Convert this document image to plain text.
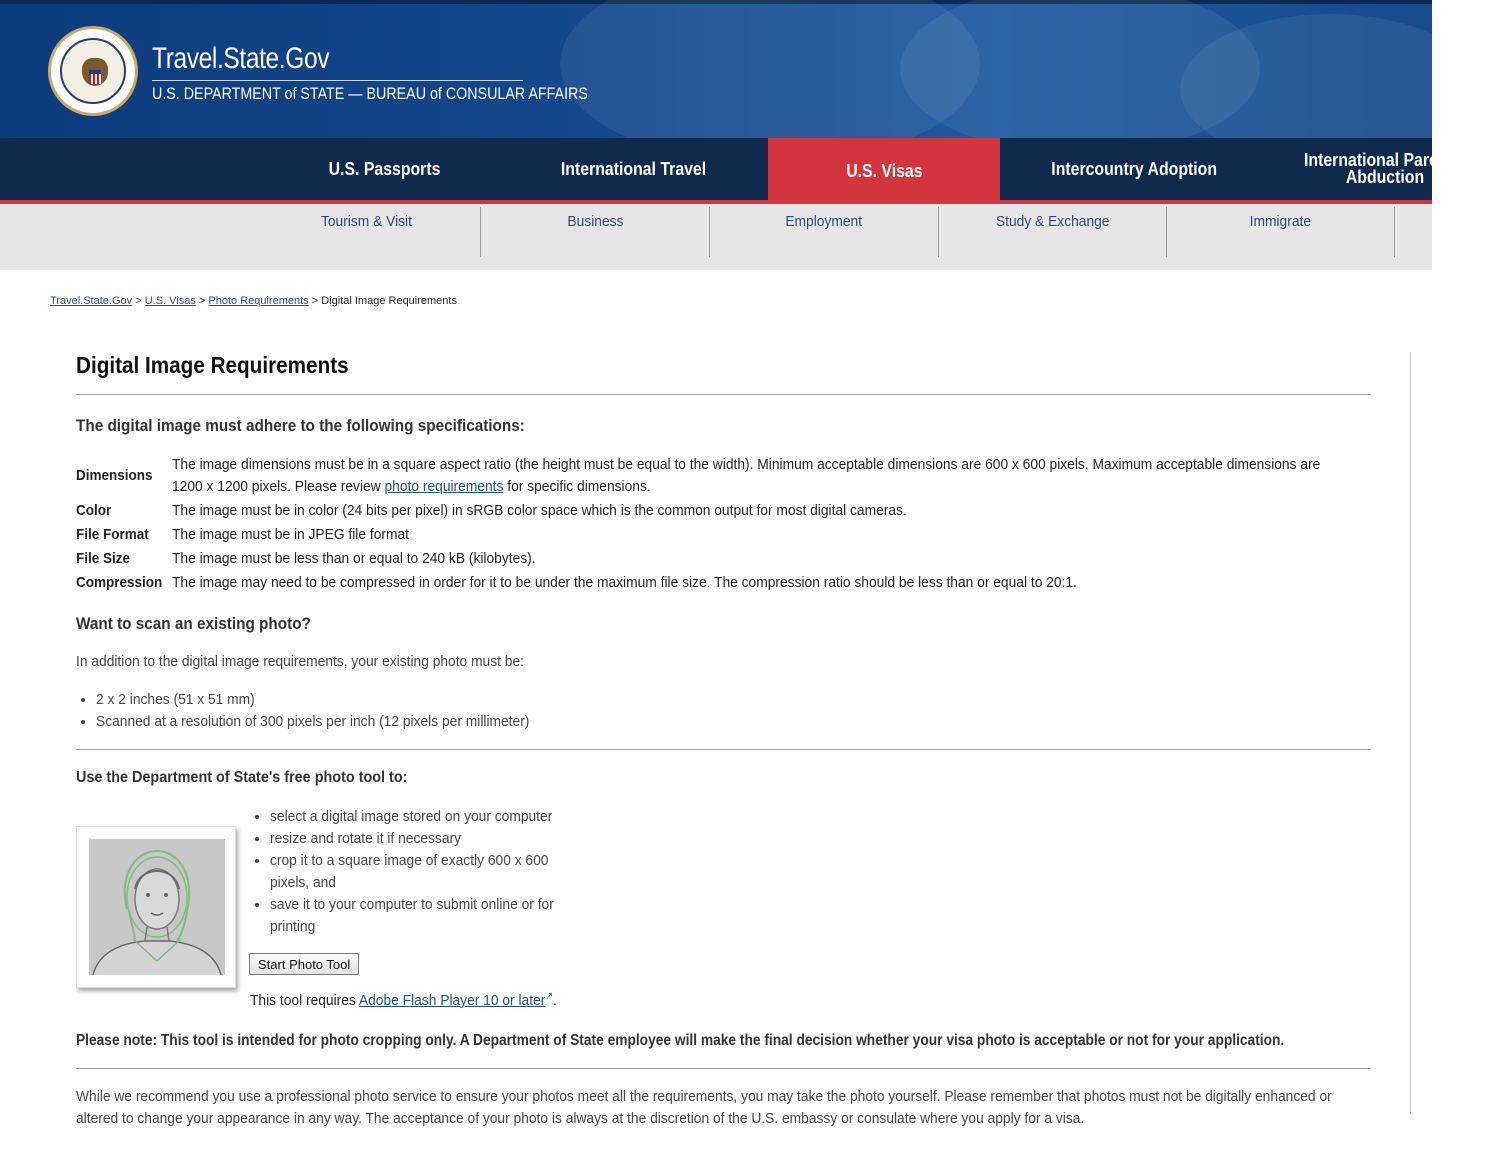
Travel.State.Gov
U.S. DEPARTMENT of STATE — BUREAU of CONSULAR AFFAIRS
U.S. Passports	International Travel	U.S. Visas	Intercountry Adoption	International Parental Abduction
Tourism & Visit	Business	Employment	Study & Exchange	Immigrate
Travel.State.Gov > U.S. Visas > Photo Requirements > Digital Image Requirements
Digital Image Requirements
The digital image must adhere to the following specifications:
Dimensions	The image dimensions must be in a square aspect ratio (the height must be equal to the width). Minimum acceptable dimensions are 600 x 600 pixels. Maximum acceptable dimensions are
1200 x 1200 pixels. Please review photo requirements for specific dimensions.
Color	The image must be in color (24 bits per pixel) in sRGB color space which is the common output for most digital cameras.
File Format	The image must be in JPEG file format
File Size	The image must be less than or equal to 240 kB (kilobytes).
Compression	The image may need to be compressed in order for it to be under the maximum file size. The compression ratio should be less than or equal to 20:1.
Want to scan an existing photo?
In addition to the digital image requirements, your existing photo must be:
• 2 x 2 inches (51 x 51 mm)
• Scanned at a resolution of 300 pixels per inch (12 pixels per millimeter)
Use the Department of State's free photo tool to:
• select a digital image stored on your computer
• resize and rotate it if necessary
• crop it to a square image of exactly 600 x 600
pixels, and
• save it to your computer to submit online or for
printing
Start Photo Tool
This tool requires Adobe Flash Player 10 or later↗.
Please note: This tool is intended for photo cropping only. A Department of State employee will make the final decision whether your visa photo is acceptable or not for your application.
While we recommend you use a professional photo service to ensure your photos meet all the requirements, you may take the photo yourself. Please remember that photos must not be digitally enhanced or
altered to change your appearance in any way. The acceptance of your photo is always at the discretion of the U.S. embassy or consulate where you apply for a visa.
